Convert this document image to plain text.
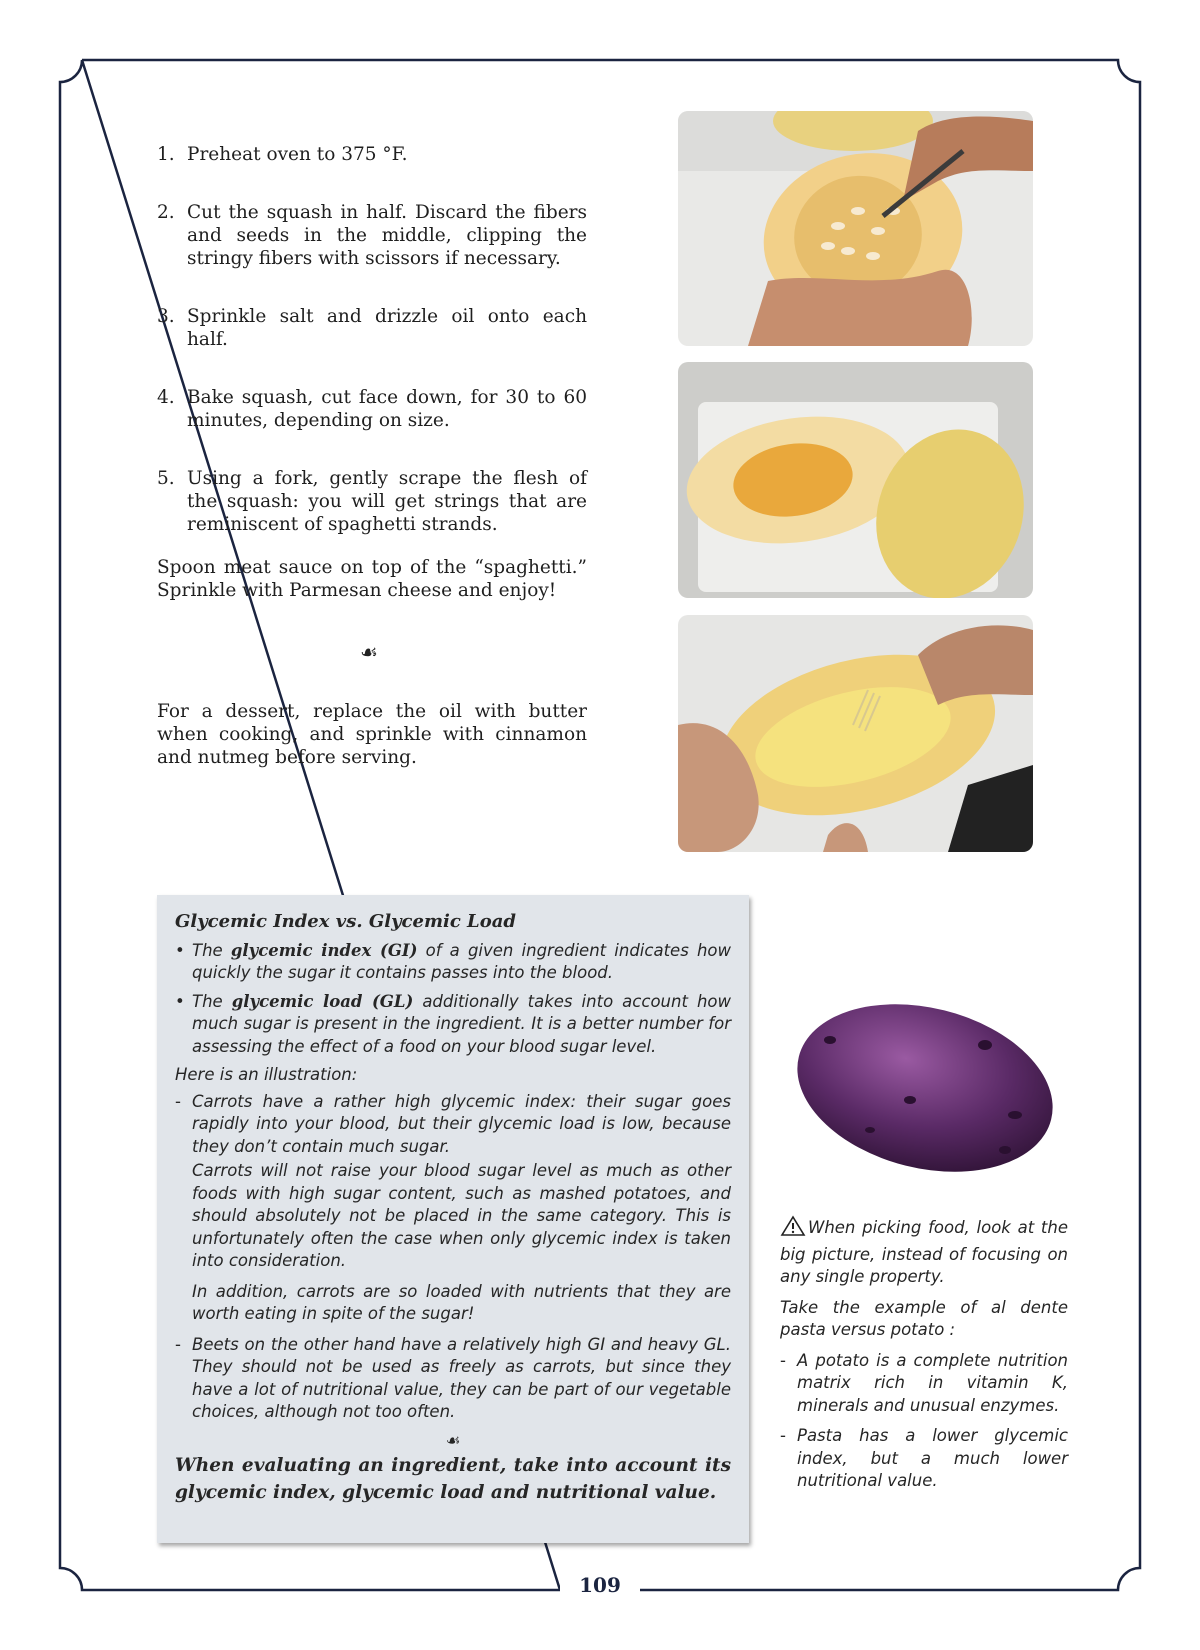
1. Preheat oven to 375 °F.
2. Cut the squash in half. Discard the fibers and seeds in the middle, clipping the stringy fibers with scissors if necessary.
3. Sprinkle salt and drizzle oil onto each half.
4. Bake squash, cut face down, for 30 to 60 minutes, depending on size.
5. Using a fork, gently scrape the flesh of the squash: you will get strings that are reminiscent of spaghetti strands.
Spoon meat sauce on top of the “spaghetti.” Sprinkle with Parmesan cheese and enjoy!
☙
For a dessert, replace the oil with butter when cooking, and sprinkle with cinnamon and nutmeg before serving.
Glycemic Index vs. Glycemic Load
• The glycemic index (GI) of a given ingredient indicates how quickly the sugar it contains passes into the blood.
• The glycemic load (GL) additionally takes into account how much sugar is present in the ingredient. It is a better number for assessing the effect of a food on your blood sugar level.
Here is an illustration:
- Carrots have a rather high glycemic index: their sugar goes rapidly into your blood, but their glycemic load is low, because they don’t contain much sugar.
Carrots will not raise your blood sugar level as much as other foods with high sugar content, such as mashed potatoes, and should absolutely not be placed in the same category. This is unfortunately often the case when only glycemic index is taken into consideration.
In addition, carrots are so loaded with nutrients that they are worth eating in spite of the sugar!
- Beets on the other hand have a relatively high GI and heavy GL. They should not be used as freely as carrots, but since they have a lot of nutritional value, they can be part of our vegetable choices, although not too often.
☙
When evaluating an ingredient, take into account its glycemic index, glycemic load and nutritional value.

When picking food, look at the big picture, instead of focusing on any single property.

Take the example of al dente pasta versus potato :

- A potato is a complete nutrition matrix rich in vitamin K, minerals and unusual enzymes.
- Pasta has a lower glycemic index, but a much lower nutritional value.
109
